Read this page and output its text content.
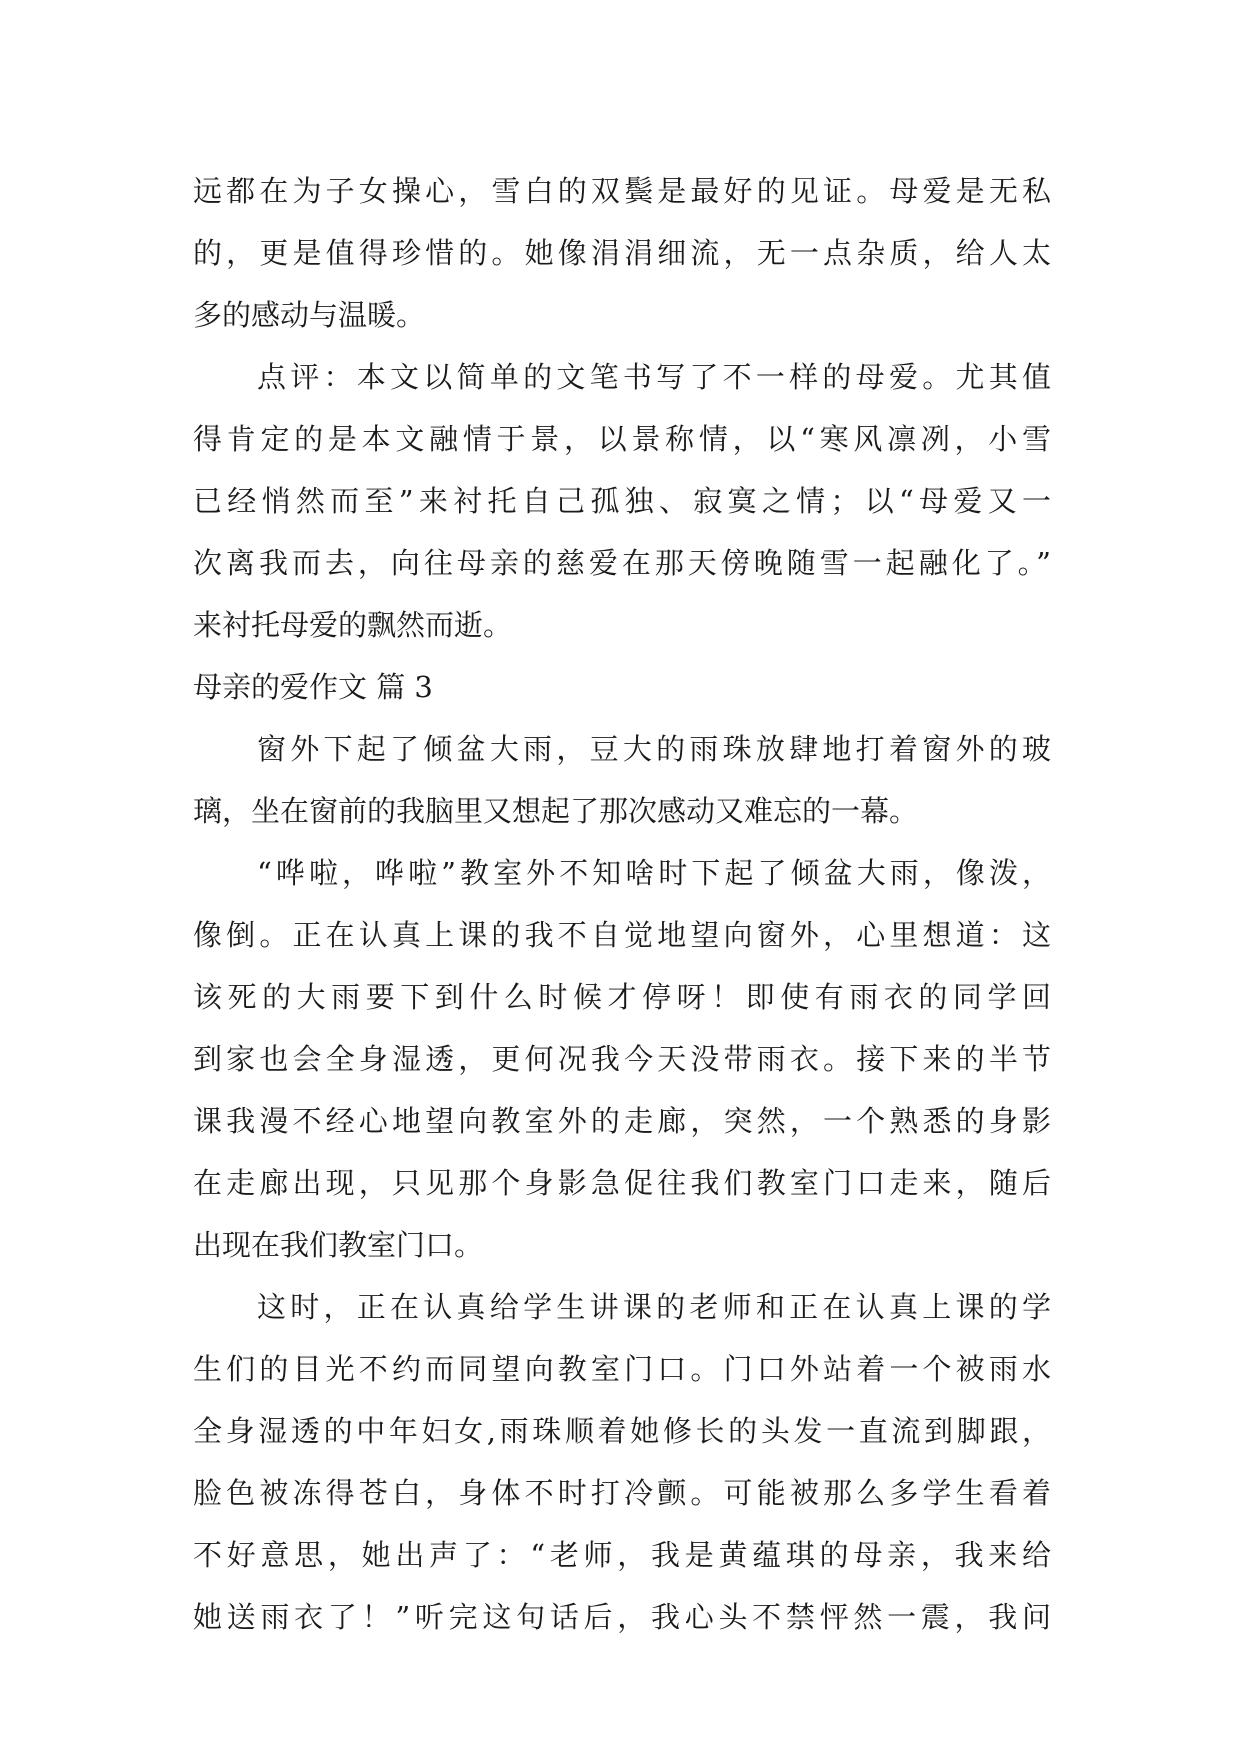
远都在为子女操心，雪白的双鬓是最好的见证。母爱是无私
的，更是值得珍惜的。她像涓涓细流，无一点杂质，给人太
多的感动与温暖。
点评：本文以简单的文笔书写了不一样的母爱。尤其值
得肯定的是本文融情于景，以景称情，以“寒风凛冽，小雪
已经悄然而至”来衬托自己孤独、寂寞之情；以“母爱又一
次离我而去，向往母亲的慈爱在那天傍晚随雪一起融化了。”
来衬托母爱的飘然而逝。
母亲的爱作文 篇 3
窗外下起了倾盆大雨，豆大的雨珠放肆地打着窗外的玻
璃，坐在窗前的我脑里又想起了那次感动又难忘的一幕。
“哗啦，哗啦”教室外不知啥时下起了倾盆大雨，像泼，
像倒。正在认真上课的我不自觉地望向窗外，心里想道：这
该死的大雨要下到什么时候才停呀！即使有雨衣的同学回
到家也会全身湿透，更何况我今天没带雨衣。接下来的半节
课我漫不经心地望向教室外的走廊，突然，一个熟悉的身影
在走廊出现，只见那个身影急促往我们教室门口走来，随后
出现在我们教室门口。
这时，正在认真给学生讲课的老师和正在认真上课的学
生们的目光不约而同望向教室门口。门口外站着一个被雨水
全身湿透的中年妇女,雨珠顺着她修长的头发一直流到脚跟，
脸色被冻得苍白，身体不时打冷颤。可能被那么多学生看着
不好意思，她出声了：“老师，我是黄蕴琪的母亲，我来给
她送雨衣了！”听完这句话后，我心头不禁怦然一震，我问
